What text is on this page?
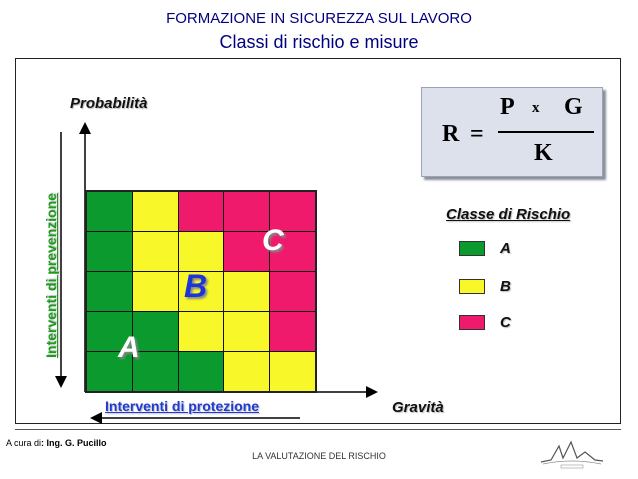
FORMAZIONE IN SICUREZZA SUL LAVORO
Classi di rischio e misure
Probabilità
Gravità
Interventi di protezione
Interventi di prevenzione
R =
P x G
K

C
B
A
Classe di Rischio
A
B
C
A cura di: Ing. G. Pucillo
LA VALUTAZIONE DEL RISCHIO
